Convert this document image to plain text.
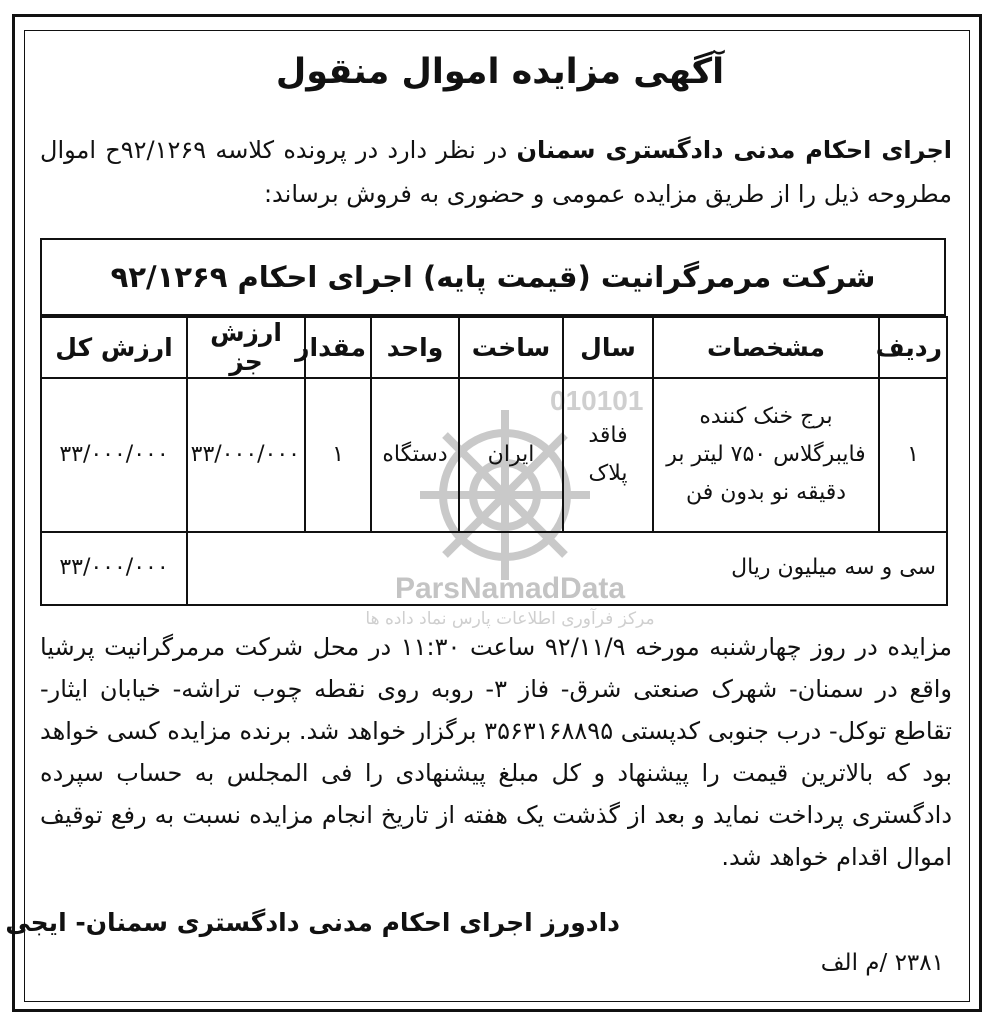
آگهی مزایده اموال منقول
اجرای احکام مدنی دادگستری سمنان در نظر دارد در پرونده کلاسه ۹۲/۱۲۶۹ح اموال مطروحه ذیل را از طریق مزایده عمومی و حضوری به فروش برساند:
010101
ParsNamadData
مرکز فرآوری اطلاعات پارس نماد داده ها
شرکت مرمرگرانیت (قیمت پایه) اجرای احکام ۹۲/۱۲۶۹
ردیف	مشخصات	سال	ساخت	واحد	مقدار	ارزش جز	ارزش کل
۱	برج خنک کننده فایبرگلاس ۷۵۰ لیتر بر دقیقه نو بدون فن	فاقد پلاک	ایران	دستگاه	۱	۳۳/۰۰۰/۰۰۰	۳۳/۰۰۰/۰۰۰
سی و سه میلیون ریال							۳۳/۰۰۰/۰۰۰
مزایده در روز چهارشنبه مورخه ۹۲/۱۱/۹ ساعت ۱۱:۳۰ در محل شرکت مرمرگرانیت پرشیا واقع در سمنان- شهرک صنعتی شرق- فاز ۳- روبه روی نقطه چوب تراشه- خیابان ایثار- تقاطع توکل- درب جنوبی کدپستی ۳۵۶۳۱۶۸۸۹۵ برگزار خواهد شد. برنده مزایده کسی خواهد بود که بالاترین قیمت را پیشنهاد و کل مبلغ پیشنهادی را فی المجلس به حساب سپرده دادگستری پرداخت نماید و بعد از گذشت یک هفته از تاریخ انجام مزایده نسبت به رفع توقیف اموال اقدام خواهد شد.
دادورز اجرای احکام مدنی دادگستری سمنان- ایجی
۲۳۸۱ /م الف
